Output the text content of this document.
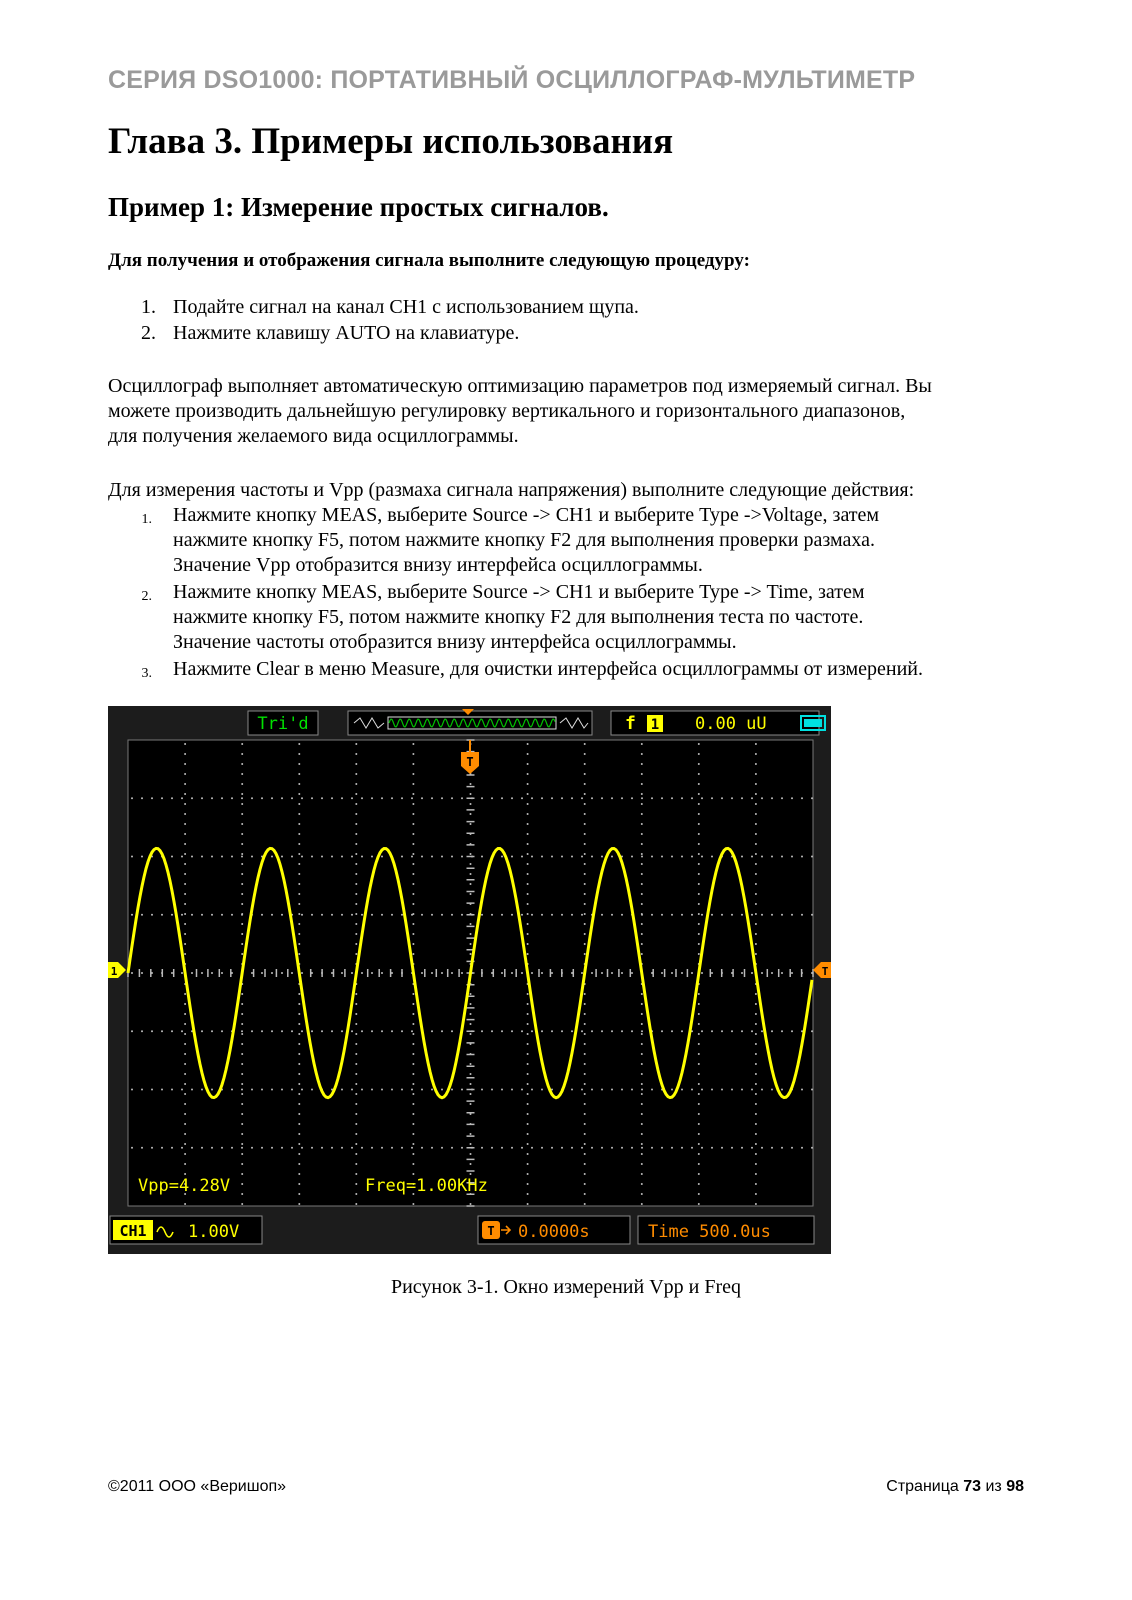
СЕРИЯ DSO1000: ПОРТАТИВНЫЙ ОСЦИЛЛОГРАФ-МУЛЬТИМЕТР
Глава 3. Примеры использования
Пример 1: Измерение простых сигналов.
Для получения и отображения сигнала выполните следующую процедуру:
1. Подайте сигнал на канал CH1 с использованием щупа.
2. Нажмите клавишу AUTO на клавиатуре.
Осциллограф выполняет автоматическую оптимизацию параметров под измеряемый сигнал. Вы
можете производить дальнейшую регулировку вертикального и горизонтального диапазонов,
для получения желаемого вида осциллограммы.
Для измерения частоты и Vpp (размаха сигнала напряжения) выполните следующие действия:
1. Нажмите кнопку MEAS, выберите Source -> CH1 и выберите Type ->Voltage, затем
нажмите кнопку F5, потом нажмите кнопку F2 для выполнения проверки размаха.
Значение Vpp отобразится внизу интерфейса осциллограммы.
2. Нажмите кнопку MEAS, выберите Source -> CH1 и выберите Type -> Time, затем
нажмите кнопку F5, потом нажмите кнопку F2 для выполнения теста по частоте.
Значение частоты отобразится внизу интерфейса осциллограммы.
3. Нажмите Clear в меню Measure, для очистки интерфейса осциллограммы от измерений.
Tri'd	f 1 0.00 uU
T
1	T
Vpp=4.28V	Freq=1.00KHz
CH1 1.00V	T 0.0000s	Time 500.0us
Рисунок 3-1. Окно измерений Vpp и Freq
©2011 ООО «Веришоп»	Страница 73 из 98
